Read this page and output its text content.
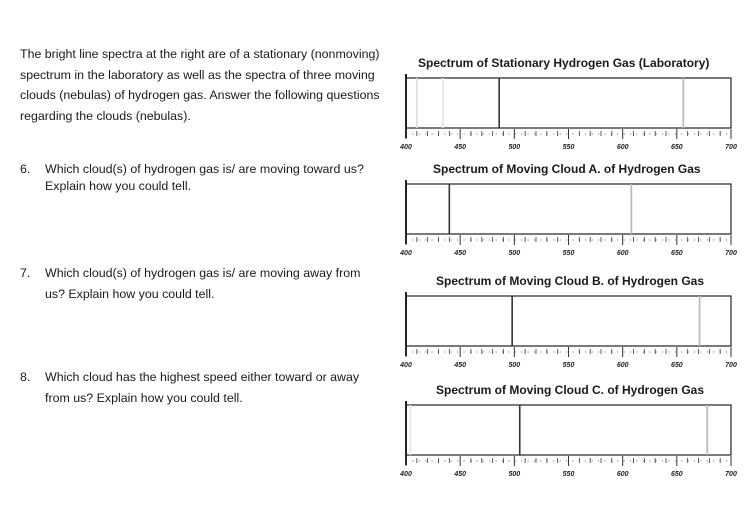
The bright line spectra at the right are of a stationary (nonmoving) spectrum in the laboratory as well as the spectra of three moving clouds (nebulas) of hydrogen gas. Answer the following questions regarding the clouds (nebulas).
6.	Which cloud(s) of hydrogen gas is/ are moving toward us? Explain how you could tell.
7.	Which cloud(s) of hydrogen gas is/ are moving away from us? Explain how you could tell.
8.	Which cloud has the highest speed either toward or away from us? Explain how you could tell.
Spectrum of Stationary Hydrogen Gas (Laboratory)
400	450	500	550	600	650	700
Spectrum of Moving Cloud A. of Hydrogen Gas
400	450	500	550	600	650	700
Spectrum of Moving Cloud B. of Hydrogen Gas
400	450	500	550	600	650	700
Spectrum of Moving Cloud C. of Hydrogen Gas
400	450	500	550	600	650	700
